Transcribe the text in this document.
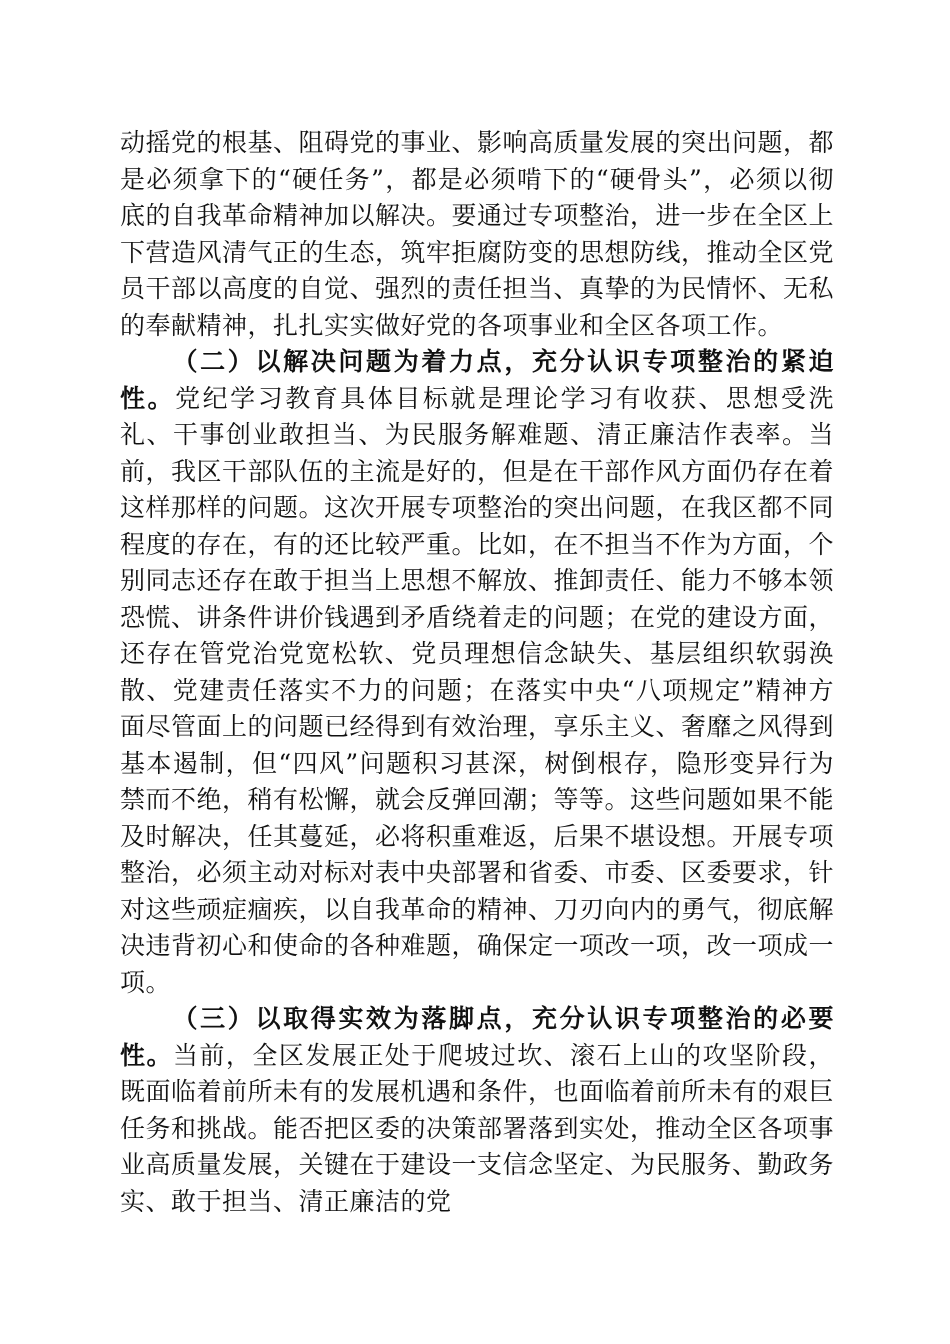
动摇党的根基、阻碍党的事业、影响高质量发展的突出问题，都是必须拿下的“硬任务”，都是必须啃下的“硬骨头”，必须以彻底的自我革命精神加以解决。要通过专项整治，进一步在全区上下营造风清气正的生态，筑牢拒腐防变的思想防线，推动全区党员干部以高度的自觉、强烈的责任担当、真挚的为民情怀、无私的奉献精神，扎扎实实做好党的各项事业和全区各项工作。

（二）以解决问题为着力点，充分认识专项整治的紧迫性。党纪学习教育具体目标就是理论学习有收获、思想受洗礼、干事创业敢担当、为民服务解难题、清正廉洁作表率。当前，我区干部队伍的主流是好的，但是在干部作风方面仍存在着这样那样的问题。这次开展专项整治的突出问题，在我区都不同程度的存在，有的还比较严重。比如，在不担当不作为方面，个别同志还存在敢于担当上思想不解放、推卸责任、能力不够本领恐慌、讲条件讲价钱遇到矛盾绕着走的问题；在党的建设方面，还存在管党治党宽松软、党员理想信念缺失、基层组织软弱涣散、党建责任落实不力的问题；在落实中央“八项规定”精神方面尽管面上的问题已经得到有效治理，享乐主义、奢靡之风得到基本遏制，但“四风”问题积习甚深，树倒根存，隐形变异行为禁而不绝，稍有松懈，就会反弹回潮；等等。这些问题如果不能及时解决，任其蔓延，必将积重难返，后果不堪设想。开展专项整治，必须主动对标对表中央部署和省委、市委、区委要求，针对这些顽症痼疾，以自我革命的精神、刀刃向内的勇气，彻底解决违背初心和使命的各种难题，确保定一项改一项，改一项成一项。

（三）以取得实效为落脚点，充分认识专项整治的必要性。当前，全区发展正处于爬坡过坎、滚石上山的攻坚阶段，既面临着前所未有的发展机遇和条件，也面临着前所未有的艰巨任务和挑战。能否把区委的决策部署落到实处，推动全区各项事业高质量发展，关键在于建设一支信念坚定、为民服务、勤政务实、敢于担当、清正廉洁的党
